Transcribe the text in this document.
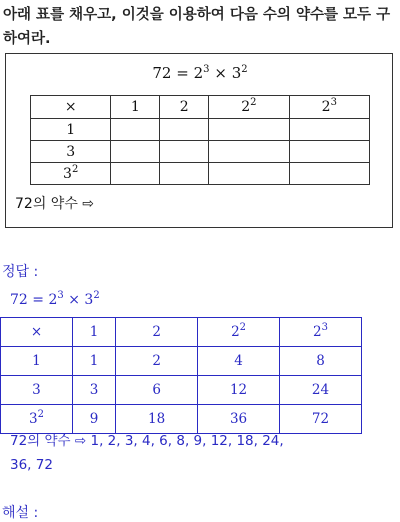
아래 표를 채우고, 이것을 이용하여 다음 수의 약수를 모두 구하여라.
$72 = 2^3 \times 3^2$
×	1	2	$2^2$	$2^3$
1				
3				
$3^2$				
72의 약수 ⇨
정답 :
$72 = 2^3 \times 3^2$
×	1	2	$2^2$	$2^3$
1	1	2	4	8
3	3	6	12	24
$3^2$	9	18	36	72
72의 약수 ⇨ 1, 2, 3, 4, 6, 8, 9, 12, 18, 24,
36, 72
해설 :
